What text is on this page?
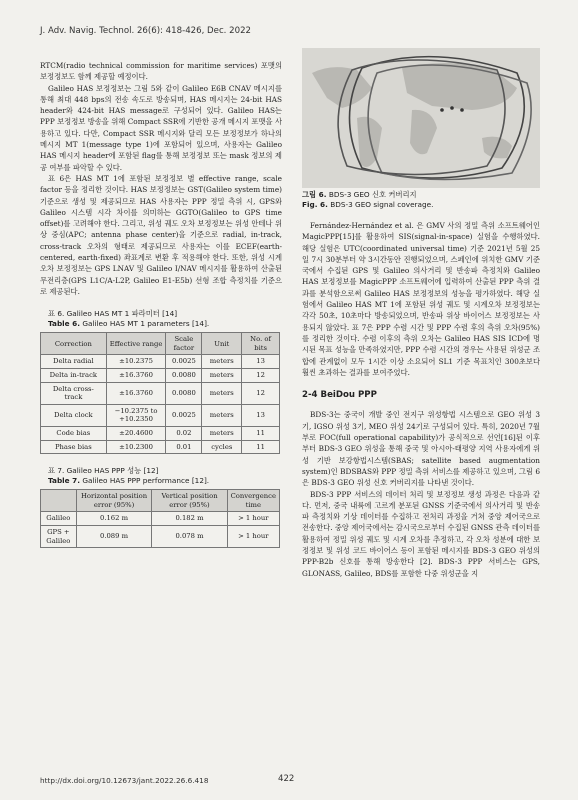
J. Adv. Navig. Technol. 26(6): 418-426, Dec. 2022

그림 6. BDS-3 GEO 신호 커버리지

Fig. 6. BDS-3 GEO signal coverage.

RTCM(radio technical commission for maritime services) 포맷의 보정정보도 함께 제공할 예정이다.

Galileo HAS 보정정보는 그림 5와 같이 Galileo E6B CNAV 메시지를 통해 최대 448 bps의 전송 속도로 방송되며, HAS 메시지는 24-bit HAS header와 424-bit HAS message로 구성되어 있다. Galileo HAS는 PPP 보정정보 방송을 위해 Compact SSR에 기반한 공개 메시지 포맷을 사용하고 있다. 다만, Compact SSR 메시지와 달리 모든 보정정보가 하나의 메시지 MT 1(message type 1)에 포함되어 있으며, 사용자는 Galileo HAS 메시지 header에 포함된 flag를 통해 보정정보 또는 mask 정보의 제공 여부를 파악할 수 있다.

표 6은 HAS MT 1에 포함된 보정정보 별 effective range, scale factor 등을 정리한 것이다. HAS 보정정보는 GST(Galileo system time) 기준으로 생성 및 제공되므로 HAS 사용자는 PPP 정밀 측위 시, GPS와 Galileo 시스템 시각 차이를 의미하는 GGTO(Galileo to GPS time offset)를 고려해야 한다. 그리고, 위성 궤도 오차 보정정보는 위성 안테나 위상 중심(APC; antenna phase center)을 기준으로 radial, in-track, cross-track 오차의 형태로 제공되므로 사용자는 이를 ECEF(earth-centered, earth-fixed) 좌표계로 변환 후 적용해야 한다. 또한, 위성 시계 오차 보정정보는 GPS LNAV 및 Galileo I/NAV 메시지를 활용하여 산출된 무전리층(GPS L1C/A-L2P, Galileo E1-E5b) 선형 조합 측정치를 기준으로 제공된다.

표 6. Galileo HAS MT 1 파라미터 [14]

Table 6. Galileo HAS MT 1 parameters [14].

Correction	Effective range	Scale factor	Unit	No. of bits
Delta radial	±10.2375	0.0025	meters	13
Delta in-track	±16.3760	0.0080	meters	12
Delta cross-track	±16.3760	0.0080	meters	12
Delta clock	−10.2375 to +10.2350	0.0025	meters	13
Code bias	±20.4600	0.02	meters	11
Phase bias	±10.2300	0.01	cycles	11

표 7. Galileo HAS PPP 성능 [12]

Table 7. Galileo HAS PPP performance [12].

	Horizontal position error (95%)	Vertical position error (95%)	Convergence time
Galileo	0.162 m	0.182 m	> 1 hour
GPS + Galileo	0.089 m	0.078 m	> 1 hour

Fernández-Hernández et al. 은 GMV 사의 정밀 측위 소프트웨어인 MagicPPP[15]를 활용하여 SIS(signal-in-space) 실험을 수행하였다. 해당 실험은 UTC(coordinated universal time) 기준 2021년 5월 25일 7시 30분부터 약 3시간동안 진행되었으며, 스페인에 위치한 GMV 기준국에서 수집된 GPS 및 Galileo 의사거리 및 반송파 측정치와 Galileo HAS 보정정보를 MagicPPP 소프트웨어에 입력하여 산출된 PPP 측위 결과를 분석함으로써 Galileo HAS 보정정보의 성능을 평가하였다. 해당 실험에서 Galileo HAS MT 1에 포함된 위성 궤도 및 시계오차 보정정보는 각각 50초, 10초마다 방송되었으며, 반송파 위상 바이어스 보정정보는 사용되지 않았다. 표 7은 PPP 수렴 시간 및 PPP 수렴 후의 측위 오차(95%)를 정리한 것이다. 수렴 이후의 측위 오차는 Galileo HAS SIS ICD에 명시된 목표 성능을 만족하였지만, PPP 수렴 시간의 경우는 사용된 위성군 조합에 관계없이 모두 1시간 이상 소요되어 SL1 기준 목표치인 300초보다 훨씬 초과하는 결과를 보여주었다.

2-4 BeiDou PPP

BDS-3는 중국이 개발 중인 전지구 위성항법 시스템으로 GEO 위성 3기, IGSO 위성 3기, MEO 위성 24기로 구성되어 있다. 특히, 2020년 7월 부로 FOC(full operational capability)가 공식적으로 선언[16]된 이후부터 BDS-3 GEO 위성을 통해 중국 및 아시아-태평양 지역 사용자에게 위성 기반 보강항법시스템(SBAS; satellite based augmentation system)인 BDSBAS와 PPP 정밀 측위 서비스를 제공하고 있으며, 그림 6은 BDS-3 GEO 위성 신호 커버리지를 나타낸 것이다.

BDS-3 PPP 서비스의 데이터 처리 및 보정정보 생성 과정은 다음과 같다. 먼저, 중국 내륙에 고르게 분포된 GNSS 기준국에서 의사거리 및 반송파 측정치와 기상 데이터를 수집하고 전처리 과정을 거쳐 중앙 제어국으로 전송한다. 중앙 제어국에서는 감시국으로부터 수집된 GNSS 관측 데이터를 활용하여 정밀 위성 궤도 및 시계 오차를 추정하고, 각 오차 성분에 대한 보정정보 및 위성 코드 바이어스 등이 포함된 메시지를 BDS-3 GEO 위성의 PPP-B2b 신호를 통해 방송한다 [2]. BDS-3 PPP 서비스는 GPS, GLONASS, Galileo, BDS를 포함한 다중 위성군을 지

http://dx.doi.org/10.12673/jant.2022.26.6.418	422
